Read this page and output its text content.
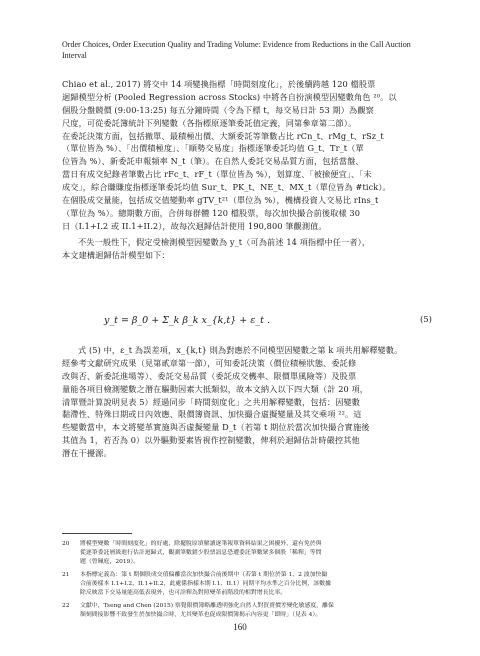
Order Choices, Order Execution Quality and Trading Volume: Evidence from Reductions in the Call Auction
Interval
Chiao et al., 2017) 將交中 14 項變換指標「時間刻度化」，於後續跨越 120 檔股票
迴歸模型分析 (Pooled Regression across Stocks) 中將各自扮演模型因變數角色 ²⁰。以
個股分盤競價 (9:00-13:25) 每五分鐘時間（令為下標 t，每交易日計 53 期）為觀察
尺度，可從委託簿統計下列變數（各指標原逐筆委託值定義，同第參章第二節）。
在委託決策方面，包括撤單、最積極出價、大額委託等筆數占比 rCn_t、rMg_t、rSz_t
（單位皆為 %）、「出價積極度」、「順勢交易度」指標逐筆委託均值 G_t、Tr_t（單
位皆為 %）、新委託申報頻率 N_t（筆）。在自然人委託交易品質方面，包括當盤、
當日有成交紀錄者筆數占比 rFc_t、rF_t（單位皆為 %），划算度、「被撿便宜」、「未
成交」，綜合賺賺度指標逐筆委託均值 Sur_t、PK_t、NE_t、MX_t（單位皆為 #tick）。
在個股成交量能，包括成交值變動率 gTV_t²¹（單位為 %），機構投資人交易比 rIns_t
（單位為 %）。總期數方面，合併每群體 120 檔股票，每次加快撮合前後取樣 30
日（I.1+I.2 或 II.1+II.2），故每次迴歸估計使用 190,800 筆觀測值。
不失一般性下，假定受檢測模型因變數為 y_t（可為前述 14 項指標中任一者），
本文建構迴歸估計模型如下：
y_t = β_0 + Σ_k β_k x_{k,t} + ε_t .	(5)
式 (5) 中，ε_t 為誤差項，x_{k,t} 則為對應於不同模型因變數之第 k 項共用解釋變數。
經參考文獻研究成果（見第貳章第一節），可知委託決策（價位積極狀態、委託修
改與否、新委託進場等）、委託交易品質（委託成交機率、限價單風險等）及股票
量能各項目檢測變數之潛在驅動因素大抵類似，故本文納入以下四大類（計 20 項，
清單暨計算說明見表 5）經過同步「時間刻度化」之共用解釋變數，包括：因變數
黏滯性、特殊日期或日內效應、限價簿資訊、加快撮合虛擬變量及其交乘項 ²²。這
些變數當中，本文將變革實施與否虛擬變量 D_t（若第 t 期位於當次加快撮合實施後
其值為 1，若否為 0）以外驅動要素皆視作控制變數，俾利於迴歸估計時嚴控其他
潛在干擾源。
20	將模型變數「時間刻度化」的好處，除擺脫原填解讀逐筆報單資料結果之困擾外，還有免於與
從逐筆委託層級進行估計迴歸式，觀測筆數錯少股票訊息恐遭委託筆數眾多個股「稀釋」等問
題（曾珮庭，2019）。
21	本指標定義為：第 t 期個股成交值偏離當次加快撮合前後期中（若第 t 期位於第 1、2 波加快撮
合前後樣本 I.1+I.2、II.1+II.2，此處係指樣本期 I.1、II.1）同期平均水準之百分比例，該數據
除反映當下交易量能高低表現外，也可詮釋為對照變革前階段的相對增長比率。
22	文獻中，Tseng and Chen (2015) 察覺限價簿略離透明強化自然人對買賣價差變化敏感度，離保
額刻間接影響不致發生於加快撮合時，尤其變革也促成限價簿揭示內容更「即時」（見表 4）。
160
